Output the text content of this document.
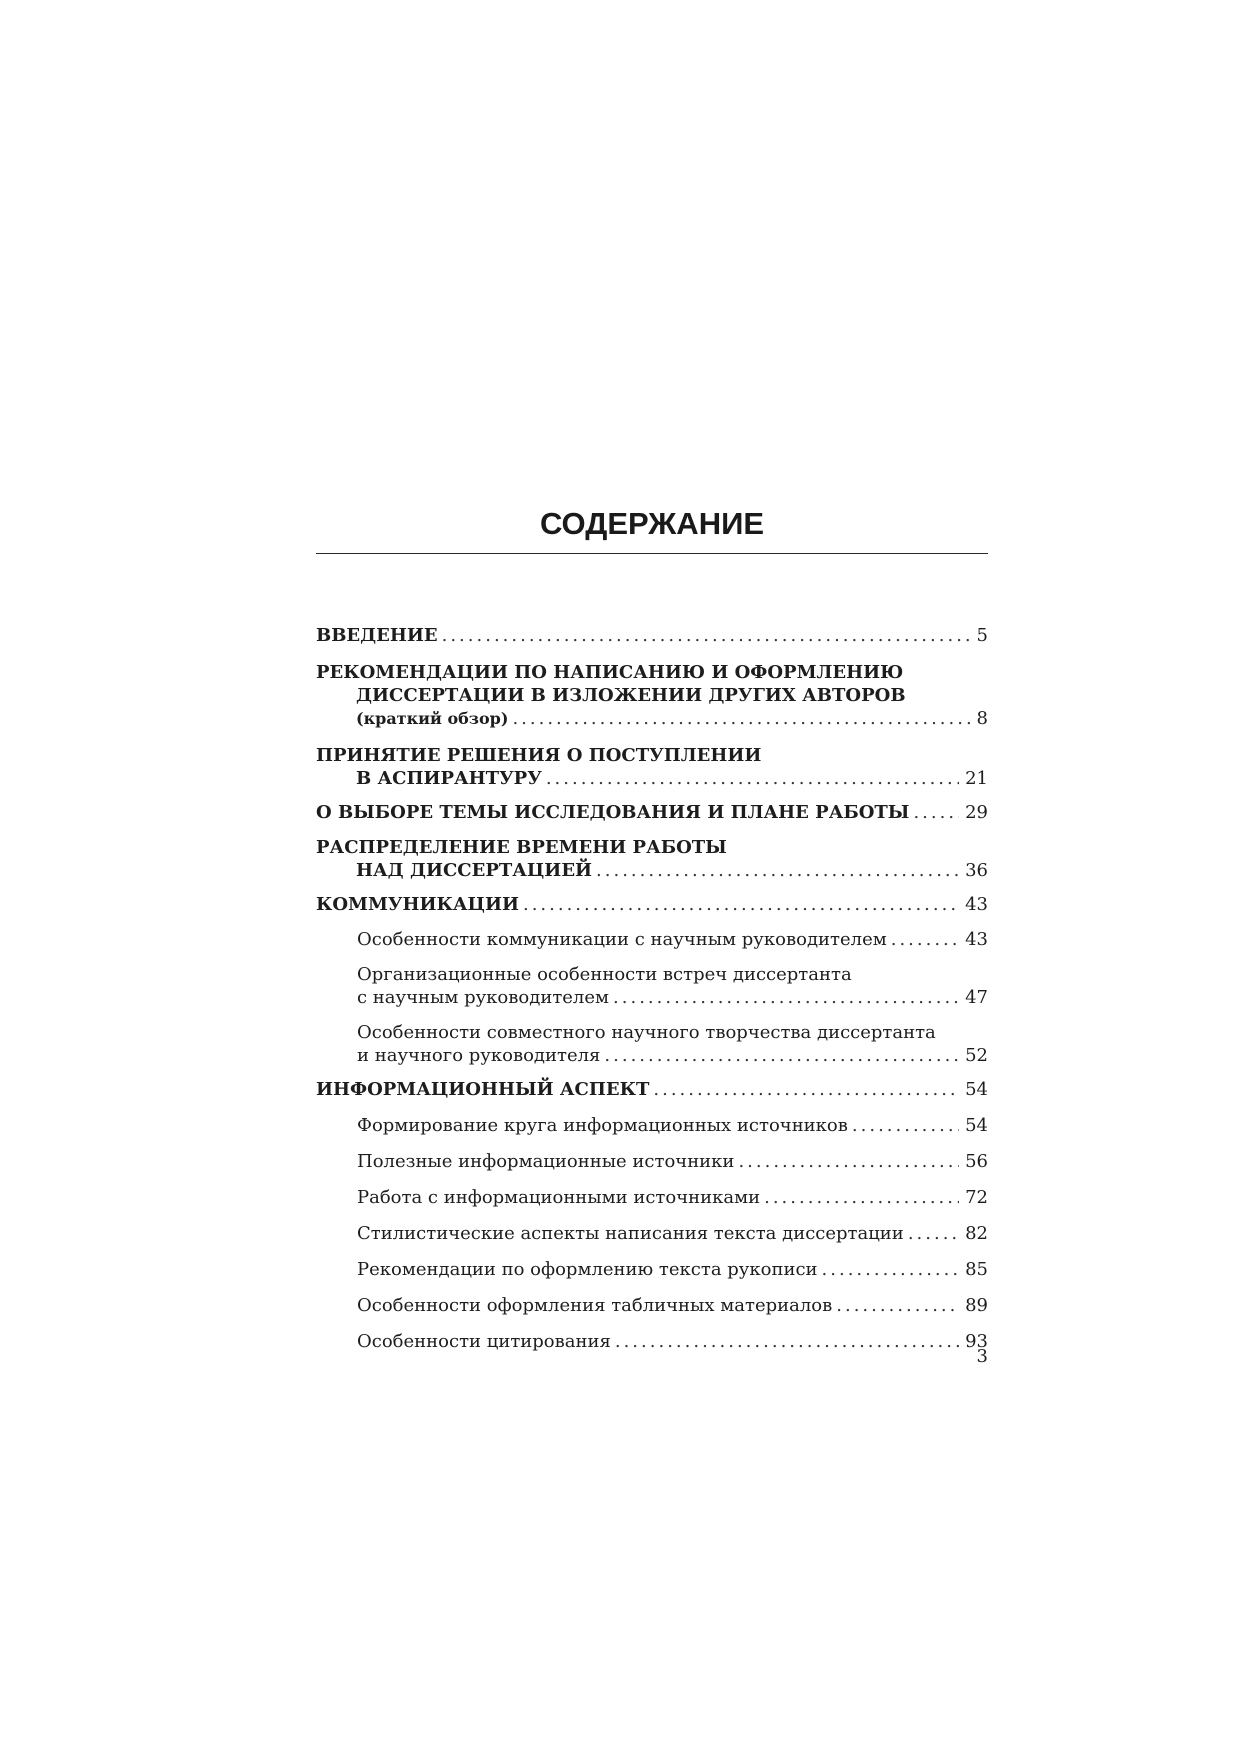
СОДЕРЖАНИЕ
ВВЕДЕНИЕ .....	5
РЕКОМЕНДАЦИИ ПО НАПИСАНИЮ И ОФОРМЛЕНИЮ
ДИССЕРТАЦИИ В ИЗЛОЖЕНИИ ДРУГИХ АВТОРОВ
(краткий обзор) .....	8
ПРИНЯТИЕ РЕШЕНИЯ О ПОСТУПЛЕНИИ
В АСПИРАНТУРУ .....	21
О ВЫБОРЕ ТЕМЫ ИССЛЕДОВАНИЯ И ПЛАНЕ РАБОТЫ .....	29
РАСПРЕДЕЛЕНИЕ ВРЕМЕНИ РАБОТЫ
НАД ДИССЕРТАЦИЕЙ .....	36
КОММУНИКАЦИИ .....	43
Особенности коммуникации с научным руководителем .....	43
Организационные особенности встреч диссертанта
с научным руководителем .....	47
Особенности совместного научного творчества диссертанта
и научного руководителя .....	52
ИНФОРМАЦИОННЫЙ АСПЕКТ .....	54
Формирование круга информационных источников .....	54
Полезные информационные источники .....	56
Работа с информационными источниками .....	72
Стилистические аспекты написания текста диссертации .....	82
Рекомендации по оформлению текста рукописи .....	85
Особенности оформления табличных материалов .....	89
Особенности цитирования .....	93
3
